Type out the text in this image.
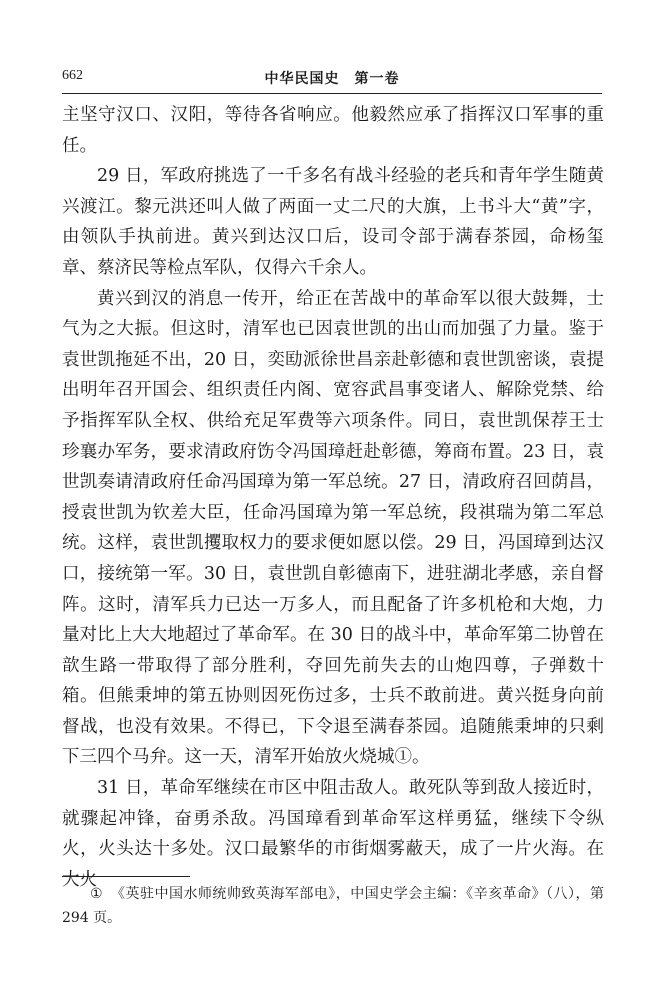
662	中华民国史　第一卷

主坚守汉口、汉阳，等待各省响应。他毅然应承了指挥汉口军事的重任。

29 日，军政府挑选了一千多名有战斗经验的老兵和青年学生随黄兴渡江。黎元洪还叫人做了两面一丈二尺的大旗，上书斗大“黄”字，由领队手执前进。黄兴到达汉口后，设司令部于满春茶园，命杨玺章、蔡济民等检点军队，仅得六千余人。

黄兴到汉的消息一传开，给正在苦战中的革命军以很大鼓舞，士气为之大振。但这时，清军也已因袁世凯的出山而加强了力量。鉴于袁世凯拖延不出，20 日，奕劻派徐世昌亲赴彰德和袁世凯密谈，袁提出明年召开国会、组织责任内阁、宽容武昌事变诸人、解除党禁、给予指挥军队全权、供给充足军费等六项条件。同日，袁世凯保荐王士珍襄办军务，要求清政府饬令冯国璋赶赴彰德，筹商布置。23 日，袁世凯奏请清政府任命冯国璋为第一军总统。27 日，清政府召回荫昌，授袁世凯为钦差大臣，任命冯国璋为第一军总统，段祺瑞为第二军总统。这样，袁世凯攫取权力的要求便如愿以偿。29 日，冯国璋到达汉口，接统第一军。30 日，袁世凯自彰德南下，进驻湖北孝感，亲自督阵。这时，清军兵力已达一万多人，而且配备了许多机枪和大炮，力量对比上大大地超过了革命军。在 30 日的战斗中，革命军第二协曾在歆生路一带取得了部分胜利，夺回先前失去的山炮四尊，子弹数十箱。但熊秉坤的第五协则因死伤过多，士兵不敢前进。黄兴挺身向前督战，也没有效果。不得已，下令退至满春茶园。追随熊秉坤的只剩下三四个马弁。这一天，清军开始放火烧城①。

31 日，革命军继续在市区中阻击敌人。敢死队等到敌人接近时，就骤起冲锋，奋勇杀敌。冯国璋看到革命军这样勇猛，继续下令纵火，火头达十多处。汉口最繁华的市街烟雾蔽天，成了一片火海。在大火

① 《英驻中国水师统帅致英海军部电》，中国史学会主编：《辛亥革命》（八），第 294 页。
